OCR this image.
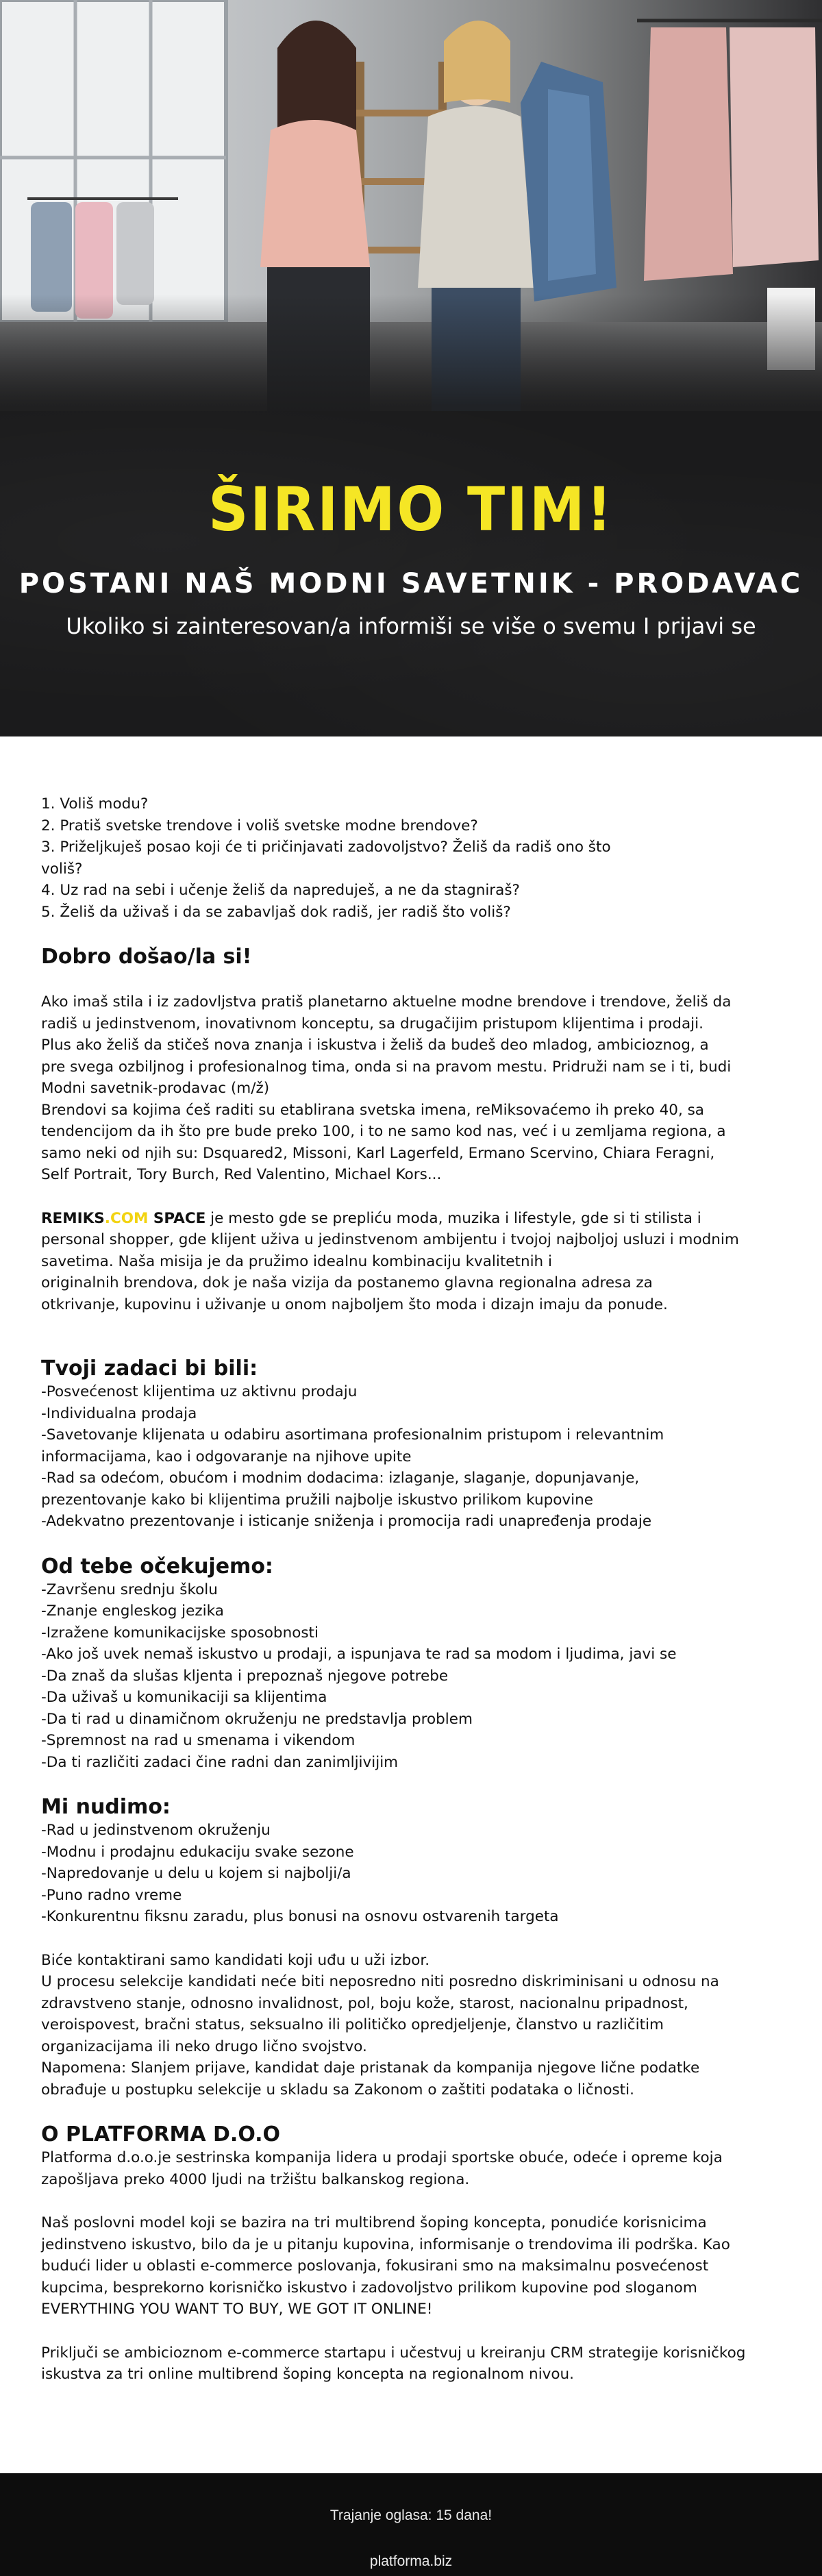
ŠIRIMO TIM!
POSTANI NAŠ MODNI SAVETNIK - PRODAVAC
Ukoliko si zainteresovan/a informiši se više o svemu I prijavi se
1. Voliš modu?
2. Pratiš svetske trendove i voliš svetske modne brendove?
3. Priželjkuješ posao koji će ti pričinjavati zadovoljstvo? Želiš da radiš ono što
voliš?
4. Uz rad na sebi i učenje želiš da napreduješ, a ne da stagniraš?
5. Želiš da uživaš i da se zabavljaš dok radiš, jer radiš što voliš?

Dobro došao/la si!

Ako imaš stila i iz zadovljstva pratiš planetarno aktuelne modne brendove i trendove, želiš da
radiš u jedinstvenom, inovativnom konceptu, sa drugačijim pristupom klijentima i prodaji.
Plus ako želiš da stičeš nova znanja i iskustva i želiš da budeš deo mladog, ambicioznog, a
pre svega ozbiljnog i profesionalnog tima, onda si na pravom mestu. Pridruži nam se i ti, budi
Modni savetnik-prodavac (m/ž)
Brendovi sa kojima ćeš raditi su etablirana svetska imena, reMiksovaćemo ih preko 40, sa
tendencijom da ih što pre bude preko 100, i to ne samo kod nas, već i u zemljama regiona, a
samo neki od njih su: Dsquared2, Missoni, Karl Lagerfeld, Ermano Scervino, Chiara Feragni,
Self Portrait, Tory Burch, Red Valentino, Michael Kors...
REMIKS.COM SPACE je mesto gde se prepliću moda, muzika i lifestyle, gde si ti stilista i
personal shopper, gde klijent uživa u jedinstvenom ambijentu i tvojoj najboljoj usluzi i modnim
savetima. Naša misija je da pružimo idealnu kombinaciju kvalitetnih i
originalnih brendova, dok je naša vizija da postanemo glavna regionalna adresa za
otkrivanje, kupovinu i uživanje u onom najboljem što moda i dizajn imaju da ponude.

Tvoji zadaci bi bili:

-Posvećenost klijentima uz aktivnu prodaju
-Individualna prodaja
-Savetovanje klijenata u odabiru asortimana profesionalnim pristupom i relevantnim
informacijama, kao i odgovaranje na njihove upite
-Rad sa odećom, obućom i modnim dodacima: izlaganje, slaganje, dopunjavanje,
prezentovanje kako bi klijentima pružili najbolje iskustvo prilikom kupovine
-Adekvatno prezentovanje i isticanje sniženja i promocija radi unapređenja prodaje

Od tebe očekujemo:

-Završenu srednju školu
-Znanje engleskog jezika
-Izražene komunikacijske sposobnosti
-Ako još uvek nemaš iskustvo u prodaji, a ispunjava te rad sa modom i ljudima, javi se
-Da znaš da slušas kljenta i prepoznaš njegove potrebe
-Da uživaš u komunikaciji sa klijentima
-Da ti rad u dinamičnom okruženju ne predstavlja problem
-Spremnost na rad u smenama i vikendom
-Da ti različiti zadaci čine radni dan zanimljivijim

Mi nudimo:

-Rad u jedinstvenom okruženju
-Modnu i prodajnu edukaciju svake sezone
-Napredovanje u delu u kojem si najbolji/a
-Puno radno vreme
-Konkurentnu fiksnu zaradu, plus bonusi na osnovu ostvarenih targeta
Biće kontaktirani samo kandidati koji uđu u uži izbor.
U procesu selekcije kandidati neće biti neposredno niti posredno diskriminisani u odnosu na
zdravstveno stanje, odnosno invalidnost, pol, boju kože, starost, nacionalnu pripadnost,
veroispovest, bračni status, seksualno ili političko opredjeljenje, članstvo u različitim
organizacijama ili neko drugo lično svojstvo.
Napomena: Slanjem prijave, kandidat daje pristanak da kompanija njegove lične podatke
obrađuje u postupku selekcije u skladu sa Zakonom o zaštiti podataka o ličnosti.

O PLATFORMA D.O.O

Platforma d.o.o.je sestrinska kompanija lidera u prodaji sportske obuće, odeće i opreme koja
zapošljava preko 4000 ljudi na tržištu balkanskog regiona.
Naš poslovni model koji se bazira na tri multibrend šoping koncepta, ponudiće korisnicima
jedinstveno iskustvo, bilo da je u pitanju kupovina, informisanje o trendovima ili podrška. Kao
budući lider u oblasti e-commerce poslovanja, fokusirani smo na maksimalnu posvećenost
kupcima, besprekorno korisničko iskustvo i zadovoljstvo prilikom kupovine pod sloganom
EVERYTHING YOU WANT TO BUY, WE GOT IT ONLINE!
Priključi se ambicioznom e-commerce startapu i učestvuj u kreiranju CRM strategije korisničkog
iskustva za tri online multibrend šoping koncepta na regionalnom nivou.
Trajanje oglasa: 15 dana!
platforma.biz
